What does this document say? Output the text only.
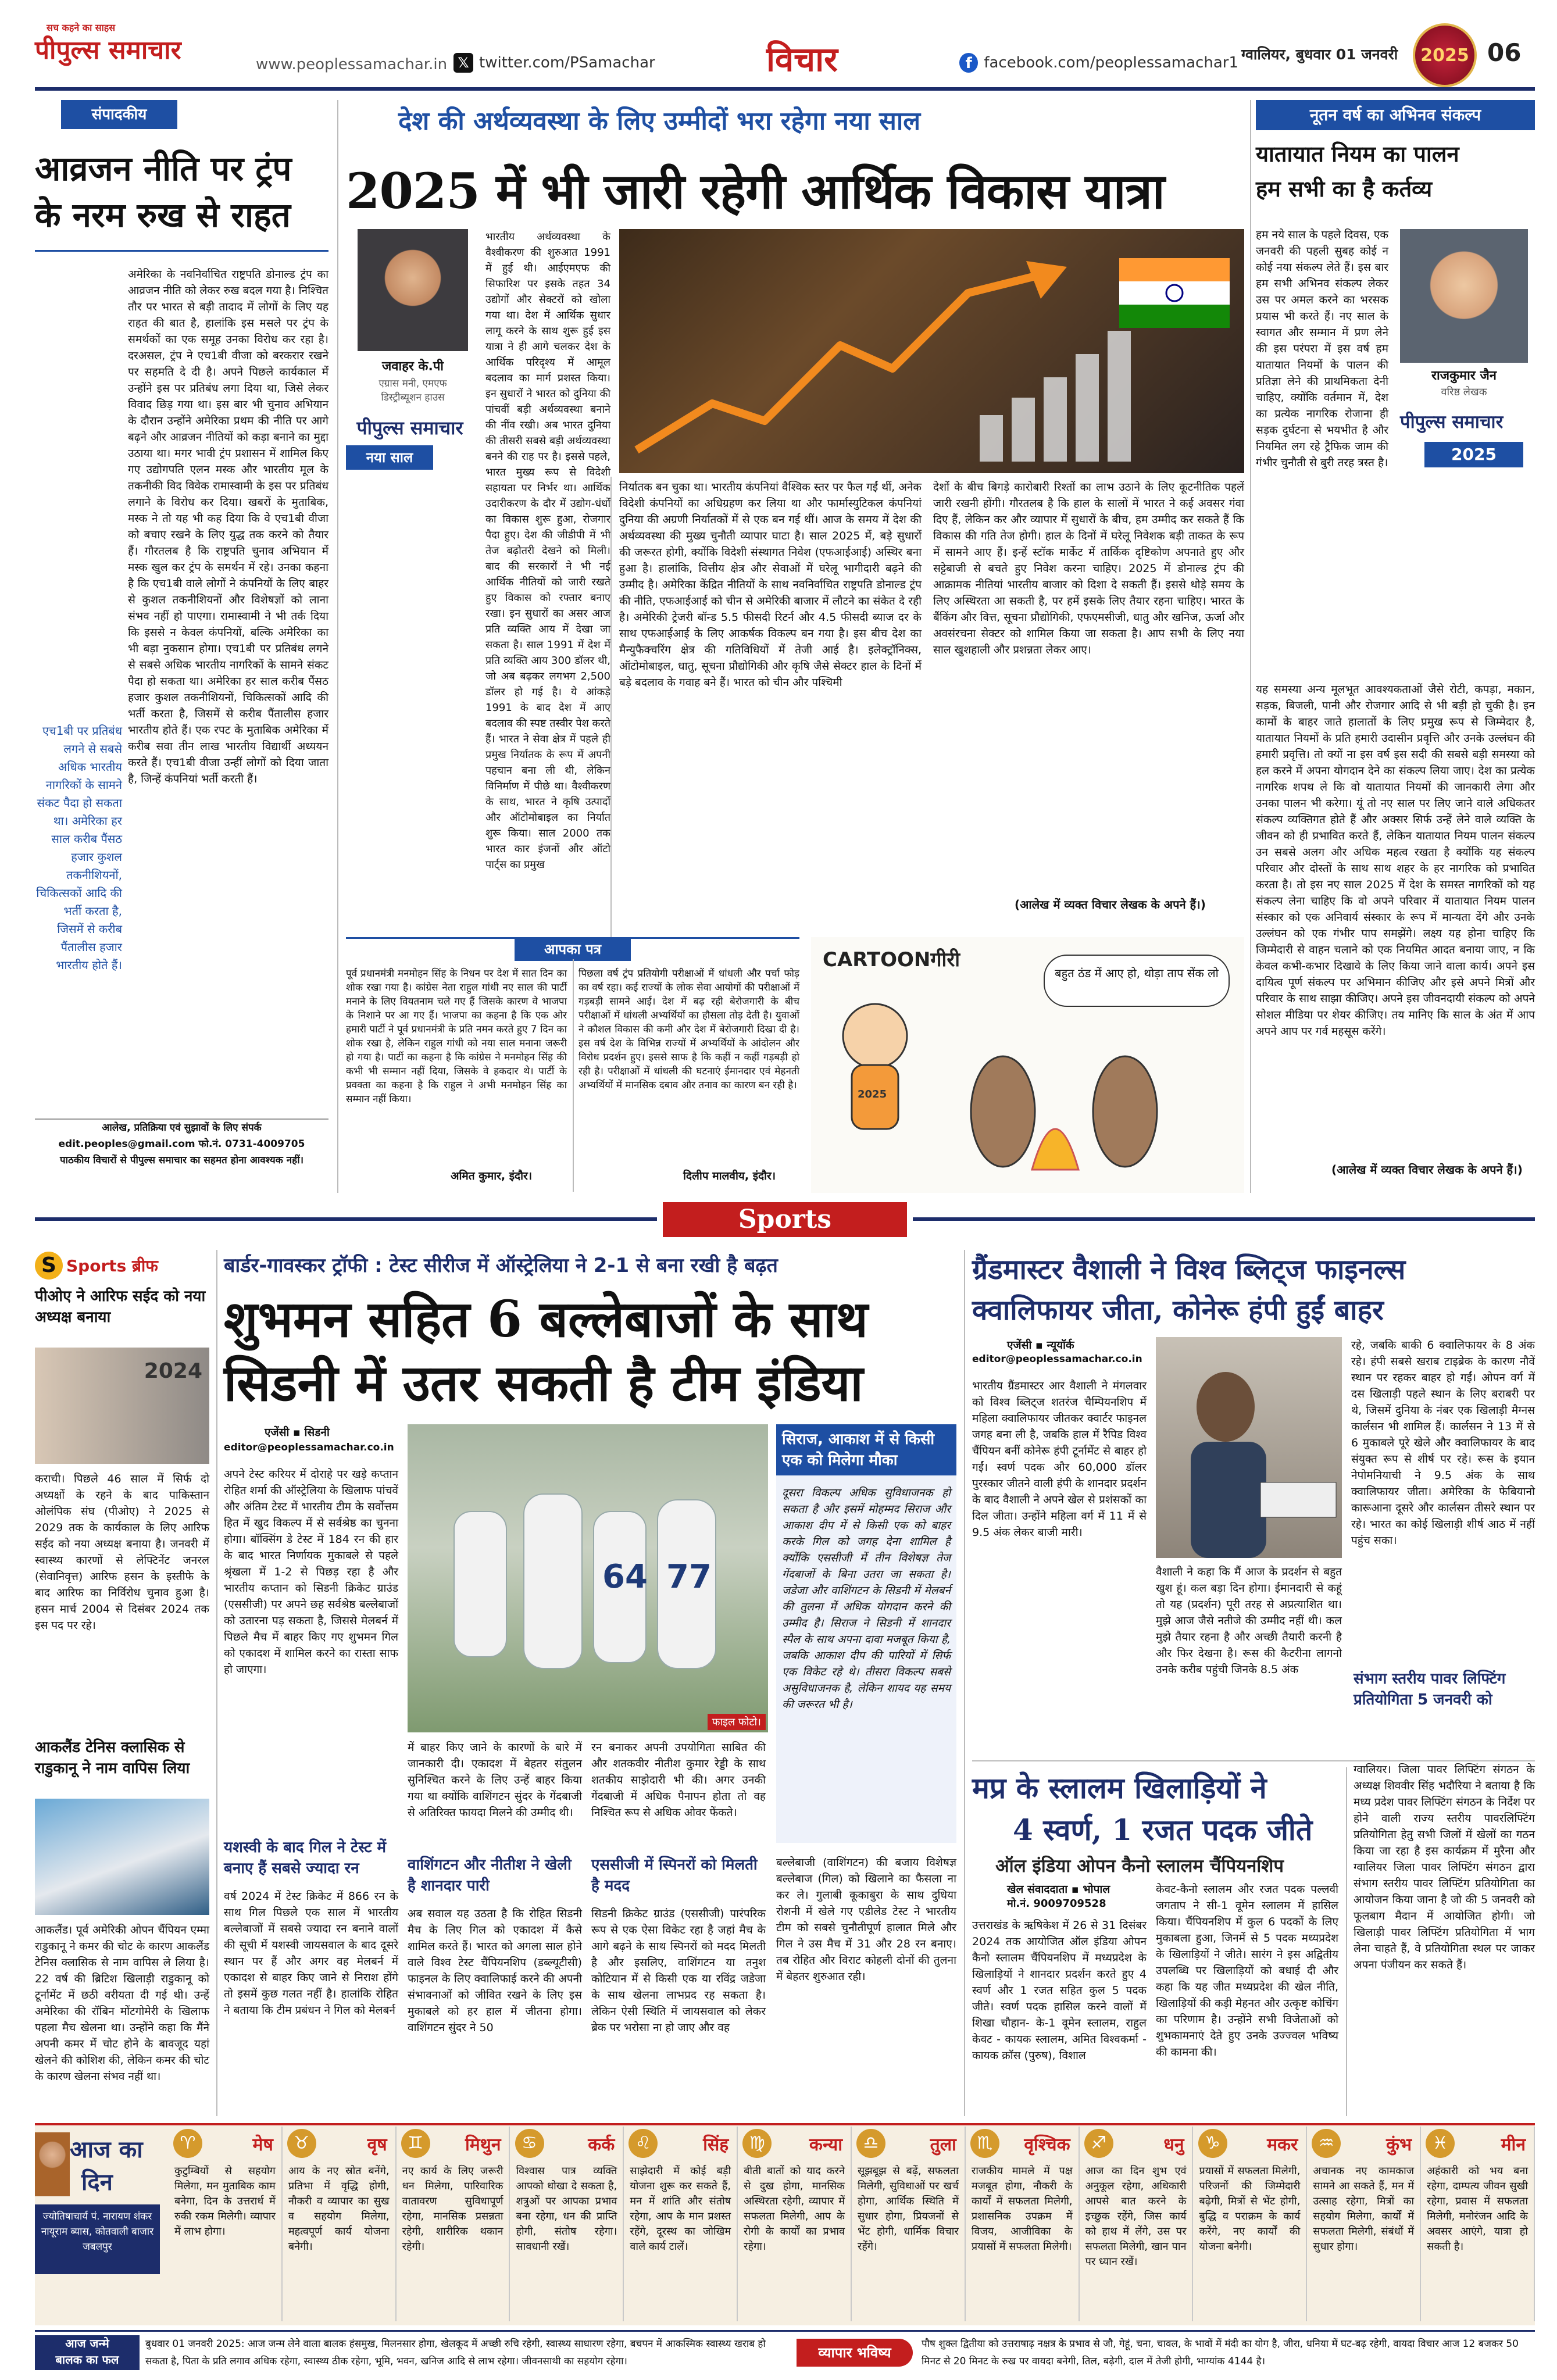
सच कहने का साहस
पीपुल्स समाचार	www.peoplessamachar.in 𝕏 twitter.com/PSamachar	विचार	f facebook.com/peoplessamachar1 ग्वालियर, बुधवार 01 जनवरी	2025 06
संपादकीय
आव्रजन नीति पर ट्रंप के नरम रुख से राहत
एच1बी पर प्रतिबंध लगने से सबसे अधिक भारतीय नागरिकों के सामने संकट पैदा हो सकता था। अमेरिका हर साल करीब पैंसठ हजार कुशल तकनीशियनों, चिकित्सकों आदि की भर्ती करता है, जिसमें से करीब पैंतालीस हजार भारतीय होते हैं।
अमेरिका के नवनिर्वाचित राष्ट्रपति डोनाल्ड ट्रंप का आव्रजन नीति को लेकर रुख बदल गया है। निश्चित तौर पर भारत से बड़ी तादाद में लोगों के लिए यह राहत की बात है, हालांकि इस मसले पर ट्रंप के समर्थकों का एक समूह उनका विरोध कर रहा है। दरअसल, ट्रंप ने एच1बी वीजा को बरकरार रखने पर सहमति दे दी है। अपने पिछले कार्यकाल में उन्होंने इस पर प्रतिबंध लगा दिया था, जिसे लेकर विवाद छिड़ गया था। इस बार भी चुनाव अभियान के दौरान उन्होंने अमेरिका प्रथम की नीति पर आगे बढ़ने और आव्रजन नीतियों को कड़ा बनाने का मुद्दा उठाया था। मगर भावी ट्रंप प्रशासन में शामिल किए गए उद्योगपति एलन मस्क और भारतीय मूल के तकनीकी विद विवेक रामास्वामी के इस पर प्रतिबंध लगाने के विरोध कर दिया। खबरों के मुताबिक, मस्क ने तो यह भी कह दिया कि वे एच1बी वीजा को बचाए रखने के लिए युद्ध तक करने को तैयार हैं। गौरतलब है कि राष्ट्रपति चुनाव अभियान में मस्क खुल कर ट्रंप के समर्थन में रहे। उनका कहना है कि एच1बी वाले लोगों ने कंपनियों के लिए बाहर से कुशल तकनीशियनों और विशेषज्ञों को लाना संभव नहीं हो पाएगा। रामास्वामी ने भी तर्क दिया कि इससे न केवल कंपनियों, बल्कि अमेरिका का भी बड़ा नुकसान होगा। एच1बी पर प्रतिबंध लगने से सबसे अधिक भारतीय नागरिकों के सामने संकट पैदा हो सकता था। अमेरिका हर साल करीब पैंसठ हजार कुशल तकनीशियनों, चिकित्सकों आदि की भर्ती करता है, जिसमें से करीब पैंतालीस हजार भारतीय होते हैं। एक रपट के मुताबिक अमेरिका में करीब सवा तीन लाख भारतीय विद्यार्थी अध्ययन करते हैं। एच1बी वीजा उन्हीं लोगों को दिया जाता है, जिन्हें कंपनियां भर्ती करती हैं।
आलेख, प्रतिक्रिया एवं सुझावों के लिए संपर्क
edit.peoples@gmail.com फो.नं. 0731-4009705
पाठकीय विचारों से पीपुल्स समाचार का सहमत होना आवश्यक नहीं।
देश की अर्थव्यवस्था के लिए उम्मीदों भरा रहेगा नया साल
2025 में भी जारी रहेगी आर्थिक विकास यात्रा
जवाहर के.पी
एग्रास मनी, एमएफ डिस्ट्रीब्यूशन हाउस
पीपुल्स समाचार
नया साल
भारतीय अर्थव्यवस्था के वैश्वीकरण की शुरुआत 1991 में हुई थी। आईएमएफ की सिफारिश पर इसके तहत 34 उद्योगों और सेक्टरों को खोला गया था। देश में आर्थिक सुधार लागू करने के साथ शुरू हुई इस यात्रा ने ही आगे चलकर देश के आर्थिक परिदृश्य में आमूल बदलाव का मार्ग प्रशस्त किया। इन सुधारों ने भारत को दुनिया की पांचवीं बड़ी अर्थव्यवस्था बनाने की नींव रखी। अब भारत दुनिया की तीसरी सबसे बड़ी अर्थव्यवस्था बनने की राह पर है। इससे पहले, भारत मुख्य रूप से विदेशी सहायता पर निर्भर था। आर्थिक उदारीकरण के दौर में उद्योग-धंधों का विकास शुरू हुआ, रोजगार पैदा हुए। देश की जीडीपी में भी तेज बढ़ोतरी देखने को मिली। बाद की सरकारों ने भी नई आर्थिक नीतियों को जारी रखते हुए विकास को रफ्तार बनाए रखा। इन सुधारों का असर आज प्रति व्यक्ति आय में देखा जा सकता है। साल 1991 में देश में प्रति व्यक्ति आय 300 डॉलर थी, जो अब बढ़कर लगभग 2,500 डॉलर हो गई है। ये आंकड़े 1991 के बाद देश में आए बदलाव की स्पष्ट तस्वीर पेश करते हैं। भारत ने सेवा क्षेत्र में पहले ही प्रमुख निर्यातक के रूप में अपनी पहचान बना ली थी, लेकिन विनिर्माण में पीछे था। वैश्वीकरण के साथ, भारत ने कृषि उत्पादों और ऑटोमोबाइल का निर्यात शुरू किया। साल 2000 तक भारत कार इंजनों और ऑटो पार्ट्स का प्रमुख
निर्यातक बन चुका था। भारतीय कंपनियां वैश्विक स्तर पर फैल गईं थीं, अनेक विदेशी कंपनियों का अधिग्रहण कर लिया था और फार्मास्युटिकल कंपनियां दुनिया की अग्रणी निर्यातकों में से एक बन गई थीं। आज के समय में देश की अर्थव्यवस्था की मुख्य चुनौती व्यापार घाटा है। साल 2025 में, बड़े सुधारों की जरूरत होगी, क्योंकि विदेशी संस्थागत निवेश (एफआईआई) अस्थिर बना हुआ है। हालांकि, वित्तीय क्षेत्र और सेवाओं में घरेलू भागीदारी बढ़ने की उम्मीद है। अमेरिका केंद्रित नीतियों के साथ नवनिर्वाचित राष्ट्रपति डोनाल्ड ट्रंप की नीति, एफआईआई को चीन से अमेरिकी बाजार में लौटने का संकेत दे रही है। अमेरिकी ट्रेजरी बॉन्ड 5.5 फीसदी रिटर्न और 4.5 फीसदी ब्याज दर के साथ एफआईआई के लिए आकर्षक विकल्प बन गया है। इस बीच देश का मैन्युफैक्चरिंग क्षेत्र की गतिविधियों में तेजी आई है। इलेक्ट्रॉनिक्स, ऑटोमोबाइल, धातु, सूचना प्रौद्योगिकी और कृषि जैसे सेक्टर हाल के दिनों में बड़े बदलाव के गवाह बने हैं। भारत को चीन और पश्चिमी
देशों के बीच बिगड़े कारोबारी रिश्तों का लाभ उठाने के लिए कूटनीतिक पहलें जारी रखनी होंगी। गौरतलब है कि हाल के सालों में भारत ने कई अवसर गंवा दिए हैं, लेकिन कर और व्यापार में सुधारों के बीच, हम उम्मीद कर सकते हैं कि विकास की गति तेज होगी। हाल के दिनों में घरेलू निवेशक बड़ी ताकत के रूप में सामने आए हैं। इन्हें स्टॉक मार्केट में तार्किक दृष्टिकोण अपनाते हुए और सट्टेबाजी से बचते हुए निवेश करना चाहिए। 2025 में डोनाल्ड ट्रंप की आक्रामक नीतियां भारतीय बाजार को दिशा दे सकती हैं। इससे थोड़े समय के लिए अस्थिरता आ सकती है, पर हमें इसके लिए तैयार रहना चाहिए। भारत के बैंकिंग और वित्त, सूचना प्रौद्योगिकी, एफएमसीजी, धातु और खनिज, ऊर्जा और अवसंरचना सेक्टर को शामिल किया जा सकता है। आप सभी के लिए नया साल खुशहाली और प्रशन्नता लेकर आए।
(आलेख में व्यक्त विचार लेखक के अपने हैं।)
आपका पत्र
पूर्व प्रधानमंत्री मनमोहन सिंह के निधन पर देश में सात दिन का शोक रखा गया है। कांग्रेस नेता राहुल गांधी नए साल की पार्टी मनाने के लिए वियतनाम चले गए हैं जिसके कारण वे भाजपा के निशाने पर आ गए हैं। भाजपा का कहना है कि एक ओर हमारी पार्टी ने पूर्व प्रधानमंत्री के प्रति नमन करते हुए 7 दिन का शोक रखा है, लेकिन राहुल गांधी को नया साल मनाना जरूरी हो गया है। पार्टी का कहना है कि कांग्रेस ने मनमोहन सिंह की कभी भी सम्मान नहीं दिया, जिसके वे हकदार थे। पार्टी के प्रवक्ता का कहना है कि राहुल ने अभी मनमोहन सिंह का सम्मान नहीं किया।
अमित कुमार, इंदौर।
पिछला वर्ष ट्रंप प्रतियोगी परीक्षाओं में धांधली और पर्चा फोड़ का वर्ष रहा। कई राज्यों के लोक सेवा आयोगों की परीक्षाओं में गड़बड़ी सामने आई। देश में बढ़ रही बेरोजगारी के बीच परीक्षाओं में धांधली अभ्यर्थियों का हौसला तोड़ देती है। युवाओं ने कौशल विकास की कमी और देश में बेरोजगारी दिखा दी है। इस वर्ष देश के विभिन्न राज्यों में अभ्यर्थियों के आंदोलन और विरोध प्रदर्शन हुए। इससे साफ है कि कहीं न कहीं गड़बड़ी हो रही है। परीक्षाओं में धांधली की घटनाएं ईमानदार एवं मेहनती अभ्यर्थियों में मानसिक दबाव और तनाव का कारण बन रही है।
दिलीप मालवीय, इंदौर।
CARTOONगीरी
बहुत ठंड में आए हो, थोड़ा ताप सेंक लो
2025
नूतन वर्ष का अभिनव संकल्प
यातायात नियम का पालन
हम सभी का है कर्तव्य
हम नये साल के पहले दिवस, एक जनवरी की पहली सुबह कोई न कोई नया संकल्प लेते हैं। इस बार हम सभी अभिनव संकल्प लेकर उस पर अमल करने का भरसक प्रयास भी करते हैं। नए साल के स्वागत और सम्मान में प्रण लेने की इस परंपरा में इस वर्ष हम यातायात नियमों के पालन की प्रतिज्ञा लेने की प्राथमिकता देनी चाहिए, क्योंकि वर्तमान में, देश का प्रत्येक नागरिक रोजाना ही सड़क दुर्घटना से भयभीत है और नियमित लग रहे ट्रैफिक जाम की गंभीर चुनौती से बुरी तरह त्रस्त है।
राजकुमार जैन
वरिष्ठ लेखक
पीपुल्स समाचार
2025
यह समस्या अन्य मूलभूत आवश्यकताओं जैसे रोटी, कपड़ा, मकान, सड़क, बिजली, पानी और रोजगार आदि से भी बड़ी हो चुकी है। इन कामों के बाहर जाते हालातों के लिए प्रमुख रूप से जिम्मेदार है, यातायात नियमों के प्रति हमारी उदासीन प्रवृत्ति और उनके उल्लंघन की हमारी प्रवृत्ति। तो क्यों ना इस वर्ष इस सदी की सबसे बड़ी समस्या को हल करने में अपना योगदान देने का संकल्प लिया जाए। देश का प्रत्येक नागरिक शपथ ले कि वो यातायात नियमों की जानकारी लेगा और उनका पालन भी करेगा। यूं तो नए साल पर लिए जाने वाले अधिकतर संकल्प व्यक्तिगत होते हैं और अक्सर सिर्फ उन्हें लेने वाले व्यक्ति के जीवन को ही प्रभावित करते हैं, लेकिन यातायात नियम पालन संकल्प उन सबसे अलग और अधिक महत्व रखता है क्योंकि यह संकल्प परिवार और दोस्तों के साथ साथ शहर के हर नागरिक को प्रभावित करता है। तो इस नए साल 2025 में देश के समस्त नागरिकों को यह संकल्प लेना चाहिए कि वो अपने परिवार में यातायात नियम पालन संस्कार को एक अनिवार्य संस्कार के रूप में मान्यता देंगे और उनके उल्लंघन को एक गंभीर पाप समझेंगे। लक्ष्य यह होना चाहिए कि जिम्मेदारी से वाहन चलाने को एक नियमित आदत बनाया जाए, न कि केवल कभी-कभार दिखावे के लिए किया जाने वाला कार्य। अपने इस दायित्व पूर्ण संकल्प पर अभिमान कीजिए और इसे अपने मित्रों और परिवार के साथ साझा कीजिए। अपने इस जीवनदायी संकल्प को अपने सोशल मीडिया पर शेयर कीजिए। तय मानिए कि साल के अंत में आप अपने आप पर गर्व महसूस करेंगे।
(आलेख में व्यक्त विचार लेखक के अपने हैं।)
Sports
S Sports ब्रीफ
पीओए ने आरिफ सईद को नया अध्यक्ष बनाया
2024
कराची। पिछले 46 साल में सिर्फ दो अध्यक्षों के रहने के बाद पाकिस्तान ओलंपिक संघ (पीओए) ने 2025 से 2029 तक के कार्यकाल के लिए आरिफ सईद को नया अध्यक्ष बनाया है। जनवरी में स्वास्थ्य कारणों से लेफ्टिनेंट जनरल (सेवानिवृत्त) आरिफ हसन के इस्तीफे के बाद आरिफ का निर्विरोध चुनाव हुआ है। हसन मार्च 2004 से दिसंबर 2024 तक इस पद पर रहे।
आकलैंड टेनिस क्लासिक से राडुकानू ने नाम वापिस लिया
आकलैंड। पूर्व अमेरिकी ओपन चैंपियन एम्मा राडुकानू ने कमर की चोट के कारण आकलैंड टेनिस क्लासिक से नाम वापिस ले लिया है। 22 वर्ष की ब्रिटिश खिलाड़ी राडुकानू को टूर्नामेंट में छठी वरीयता दी गई थी। उन्हें अमेरिका की रॉबिन मोंटगोमेरी के खिलाफ पहला मैच खेलना था। उन्होंने कहा कि मैंने अपनी कमर में चोट होने के बावजूद यहां खेलने की कोशिश की, लेकिन कमर की चोट के कारण खेलना संभव नहीं था।
बार्डर-गावस्कर ट्रॉफी : टेस्ट सीरीज में ऑस्ट्रेलिया ने 2-1 से बना रखी है बढ़त
शुभमन सहित 6 बल्लेबाजों के साथ
सिडनी में उतर सकती है टीम इंडिया
एजेंसी ▪ सिडनी
editor@peoplessamachar.co.in
अपने टेस्ट करियर में दोराहे पर खड़े कप्तान रोहित शर्मा की ऑस्ट्रेलिया के खिलाफ पांचवें और अंतिम टेस्ट में भारतीय टीम के सर्वोत्तम हित में खुद विकल्प में से सर्वश्रेष्ठ का चुनना होगा। बॉक्सिंग डे टेस्ट में 184 रन की हार के बाद भारत निर्णायक मुकाबले से पहले श्रृंखला में 1-2 से पिछड़ रहा है और भारतीय कप्तान को सिडनी क्रिकेट ग्राउंड (एससीजी) पर अपने छह सर्वश्रेष्ठ बल्लेबाजों को उतारना पड़ सकता है, जिससे मेलबर्न में पिछले मैच में बाहर किए गए शुभमन गिल को एकादश में शामिल करने का रास्ता साफ हो जाएगा।
64 77
फाइल फोटो।
सिराज, आकाश में से किसी एक को मिलेगा मौका
दूसरा विकल्प अधिक सुविधाजनक हो सकता है और इसमें मोहम्मद सिराज और आकाश दीप में से किसी एक को बाहर करके गिल को जगह देना शामिल है क्योंकि एससीजी में तीन विशेषज्ञ तेज गेंदबाजों के बिना उतरा जा सकता है। जडेजा और वाशिंगटन के सिडनी में मेलबर्न की तुलना में अधिक योगदान करने की उम्मीद है। सिराज ने सिडनी में शानदार स्पैल के साथ अपना दावा मजबूत किया है, जबकि आकाश दीप की पारियों में सिर्फ एक विकेट रहे थे। तीसरा विकल्प सबसे असुविधाजनक है, लेकिन शायद यह समय की जरूरत भी है।
में बाहर किए जाने के कारणों के बारे में जानकारी दी। एकादश में बेहतर संतुलन सुनिश्चित करने के लिए उन्हें बाहर किया गया था क्योंकि वाशिंगटन सुंदर के गेंदबाजी से अतिरिक्त फायदा मिलने की उम्मीद थी।
रन बनाकर अपनी उपयोगिता साबित की और शतकवीर नीतीश कुमार रेड्डी के साथ शतकीय साझेदारी भी की। अगर उनकी गेंदबाजी में अधिक पैनापन होता तो वह निश्चित रूप से अधिक ओवर फेंकते।
यशस्वी के बाद गिल ने टेस्ट में बनाए हैं सबसे ज्यादा रन
वर्ष 2024 में टेस्ट क्रिकेट में 866 रन के साथ गिल पिछले एक साल में भारतीय बल्लेबाजों में सबसे ज्यादा रन बनाने वालों की सूची में यशस्वी जायसवाल के बाद दूसरे स्थान पर हैं और अगर वह मेलबर्न में एकादश से बाहर किए जाने से निराश होंगे तो इसमें कुछ गलत नहीं है। हालांकि रोहित ने बताया कि टीम प्रबंधन ने गिल को मेलबर्न
वाशिंगटन और नीतीश ने खेली है शानदार पारी
अब सवाल यह उठता है कि रोहित सिडनी मैच के लिए गिल को एकादश में कैसे शामिल करते हैं। भारत को अगला साल होने वाले विश्व टेस्ट चैंपियनशिप (डब्ल्यूटीसी) फाइनल के लिए क्वालिफाई करने की अपनी संभावनाओं को जीवित रखने के लिए इस मुकाबले को हर हाल में जीतना होगा। वाशिंगटन सुंदर ने 50
एससीजी में स्पिनरों को मिलती है मदद
सिडनी क्रिकेट ग्राउंड (एससीजी) पारंपरिक रूप से एक ऐसा विकेट रहा है जहां मैच के आगे बढ़ने के साथ स्पिनरों को मदद मिलती है और इसलिए, वाशिंगटन या तनुश कोटियान में से किसी एक या रविंद्र जडेजा के साथ खेलना लाभप्रद रह सकता है। लेकिन ऐसी स्थिति में जायसवाल को लेकर ब्रेक पर भरोसा ना हो जाए और वह
बल्लेबाजी (वाशिंगटन) की बजाय विशेषज्ञ बल्लेबाज (गिल) को खिलाने का फैसला ना कर ले। गुलाबी कूकाबुरा के साथ दुधिया रोशनी में खेले गए एडीलेड टेस्ट ने भारतीय टीम को सबसे चुनौतीपूर्ण हालात मिले और गिल ने उस मैच में 31 और 28 रन बनाए। तब रोहित और विराट कोहली दोनों की तुलना में बेहतर शुरुआत रही।
ग्रैंडमास्टर वैशाली ने विश्व ब्लिट्ज फाइनल्स
क्वालिफायर जीता, कोनेरू हंपी हुईं बाहर
एजेंसी ▪ न्यूयॉर्क
editor@peoplessamachar.co.in
भारतीय ग्रैंडमास्टर आर वैशाली ने मंगलवार को विश्व ब्लिट्ज शतरंज चैम्पियनशिप में महिला क्वालिफायर जीतकर क्वार्टर फाइनल जगह बना ली है, जबकि हाल में रैपिड विश्व चैंपियन बनीं कोनेरू हंपी टूर्नामेंट से बाहर हो गईं। स्वर्ण पदक और 60,000 डॉलर पुरस्कार जीतने वाली हंपी के शानदार प्रदर्शन के बाद वैशाली ने अपने खेल से प्रशंसकों का दिल जीता। उन्होंने महिला वर्ग में 11 में से 9.5 अंक लेकर बाजी मारी।
वैशाली ने कहा कि मैं आज के प्रदर्शन से बहुत खुश हूं। कल बड़ा दिन होगा। ईमानदारी से कहूं तो यह (प्रदर्शन) पूरी तरह से अप्रत्याशित था। मुझे आज जैसे नतीजे की उम्मीद नहीं थी। कल मुझे तैयार रहना है और अच्छी तैयारी करनी है और फिर देखना है। रूस की कैटरीना लागनो उनके करीब पहुंची जिनके 8.5 अंक
रहे, जबकि बाकी 6 क्वालिफायर के 8 अंक रहे। हंपी सबसे खराब टाइब्रेक के कारण नौवें स्थान पर रहकर बाहर हो गईं। ओपन वर्ग में दस खिलाड़ी पहले स्थान के लिए बराबरी पर थे, जिसमें दुनिया के नंबर एक खिलाड़ी मैग्नस कार्लसन भी शामिल हैं। कार्लसन ने 13 में से 6 मुकाबले पूरे खेले और क्वालिफायर के बाद संयुक्त रूप से शीर्ष पर रहे। रूस के इयान नेपोमनियाची ने 9.5 अंक के साथ क्वालिफायर जीता। अमेरिका के फेबियानो कारूआना दूसरे और कार्लसन तीसरे स्थान पर रहे। भारत का कोई खिलाड़ी शीर्ष आठ में नहीं पहुंच सका।
मप्र के स्लालम खिलाड़ियों ने
4 स्वर्ण, 1 रजत पदक जीते
ऑल इंडिया ओपन कैनो स्लालम चैंपियनशिप
खेल संवाददाता ▪ भोपाल
मो.नं. 9009709528
उत्तराखंड के ऋषिकेश में 26 से 31 दिसंबर 2024 तक आयोजित ऑल इंडिया ओपन कैनो स्लालम चैंपियनशिप में मध्यप्रदेश के खिलाड़ियों ने शानदार प्रदर्शन करते हुए 4 स्वर्ण और 1 रजत सहित कुल 5 पदक जीते। स्वर्ण पदक हासिल करने वालों में शिखा चौहान- के-1 वूमेन स्लालम, राहुल केवट - कायक स्लालम, अमित विश्वकर्मा - कायक क्रॉस (पुरुष), विशाल
केवट-कैनो स्लालम और रजत पदक पल्लवी जगताप ने सी-1 वूमेन स्लालम में हासिल किया। चैंपियनशिप में कुल 6 पदकों के लिए मुकाबला हुआ, जिनमें से 5 पदक मध्यप्रदेश के खिलाड़ियों ने जीते। सारंग ने इस अद्वितीय उपलब्धि पर खिलाड़ियों को बधाई दी और कहा कि यह जीत मध्यप्रदेश की खेल नीति, खिलाड़ियों की कड़ी मेहनत और उत्कृष्ट कोचिंग का परिणाम है। उन्होंने सभी विजेताओं को शुभकामनाएं देते हुए उनके उज्ज्वल भविष्य की कामना की।
संभाग स्तरीय पावर लिफ्टिंग प्रतियोगिता 5 जनवरी को
ग्वालियर। जिला पावर लिफ्टिंग संगठन के अध्यक्ष शिववीर सिंह भदौरिया ने बताया है कि मध्य प्रदेश पावर लिफ्टिंग संगठन के निर्देश पर होने वाली राज्य स्तरीय पावरलिफ्टिंग प्रतियोगिता हेतु सभी जिलों में खेलों का गठन किया जा रहा है इस कार्यक्रम में मुरैना और ग्वालियर जिला पावर लिफ्टिंग संगठन द्वारा संभाग स्तरीय पावर लिफ्टिंग प्रतियोगिता का आयोजन किया जाना है जो की 5 जनवरी को फूलबाग मैदान में आयोजित होगी। जो खिलाड़ी पावर लिफ्टिंग प्रतियोगिता में भाग लेना चाहते हैं, वे प्रतियोगिता स्थल पर जाकर अपना पंजीयन कर सकते हैं।
आज का
दिन
ज्योतिषाचार्य पं. नारायण शंकर नायूराम ब्यास, कोतवाली बाजार जबलपुर
♈	मेष
कुटुम्बियों से सहयोग मिलेगा, मन मुताबिक काम बनेगा, दिन के उत्तरार्ध में रुकी रकम मिलेगी। व्यापार में लाभ होगा।
♉	वृष
आय के नए स्रोत बनेंगे, प्रतिभा में वृद्धि होगी, नौकरी व व्यापार का सुख व सहयोग मिलेगा, महत्वपूर्ण कार्य योजना बनेगी।
♊	मिथुन
नए कार्य के लिए जरूरी धन मिलेगा, पारिवारिक वातावरण सुविधापूर्ण रहेगा, मानसिक प्रसन्नता रहेगी, शारीरिक थकान रहेगी।
♋	कर्क
विश्वास पात्र व्यक्ति आपको धोखा दे सकता है, शत्रुओं पर आपका प्रभाव बना रहेगा, धन की प्राप्ति होगी, संतोष रहेगा। सावधानी रखें।
♌	सिंह
साझेदारी में कोई बड़ी योजना शुरू कर सकते हैं, मन में शांति और संतोष रहेगा, आप के मान प्रशस्त रहेंगे, दूरस्थ का जोखिम वाले कार्य टालें।
♍	कन्या
बीती बातों को याद करने से दुख होगा, मानसिक अस्थिरता रहेगी, व्यापार में सफलता मिलेगी, आप के रोगी के कार्यों का प्रभाव रहेगा।
♎	तुला
सूझबूझ से बढ़ें, सफलता मिलेगी, सुविधाओं पर खर्च होगा, आर्थिक स्थिति में सुधार होगा, प्रियजनों से भेंट होगी, धार्मिक विचार रहेंगे।
♏	वृश्चिक
राजकीय मामले में पक्ष मजबूत होगा, नौकरी के कार्यों में सफलता मिलेगी, प्रशासनिक उपक्रम में विजय, आजीविका के प्रयासों में सफलता मिलेगी।
♐	धनु
आज का दिन शुभ एवं अनुकूल रहेगा, अधिकारी आपसे बात करने के इच्छुक रहेंगे, जिस कार्य को हाथ में लेंगे, उस पर सफलता मिलेगी, खान पान पर ध्यान रखें।
♑	मकर
प्रयासों में सफलता मिलेगी, परिजनों की जिम्मेदारी बढ़ेगी, मित्रों से भेंट होगी, बुद्धि व पराक्रम के कार्य करेंगे, नए कार्यों की योजना बनेगी।
♒	कुंभ
अचानक नए कामकाज सामने आ सकते हैं, मन में उत्साह रहेगा, मित्रों का सहयोग मिलेगा, कार्यों में सफलता मिलेगी, संबंधों में सुधार होगा।
♓	मीन
अहंकारी को भय बना रहेगा, दाम्पत्य जीवन सुखी रहेगा, प्रवास में सफलता मिलेगी, मनोरंजन आदि के अवसर आएंगे, यात्रा हो सकती है।
आज जन्मे
बालक का फल
बुधवार 01 जनवरी 2025: आज जन्म लेने वाला बालक हंसमुख, मिलनसार होगा, खेलकूद में अच्छी रुचि रहेगी, स्वास्थ्य साधारण रहेगा, बचपन में आकस्मिक स्वास्थ्य खराब हो सकता है, पिता के प्रति लगाव अधिक रहेगा, स्वास्थ्य ठीक रहेगा, भूमि, भवन, खनिज आदि से लाभ रहेगा। जीवनसाथी का सहयोग रहेगा।
व्यापार भविष्य
पौष शुक्ल द्वितीया को उत्तराषाढ़ नक्षत्र के प्रभाव से जौ, गेहूं, चना, चावल, के भावों में मंदी का योग है, जीरा, धनिया में घट-बढ़ रहेगी, वायदा विचार आज 12 बजकर 50 मिनट से 20 मिनट के रुख पर वायदा बनेगी, तिल, बढ़ेगी, दाल में तेजी होगी, भाग्यांक 4144 है।
